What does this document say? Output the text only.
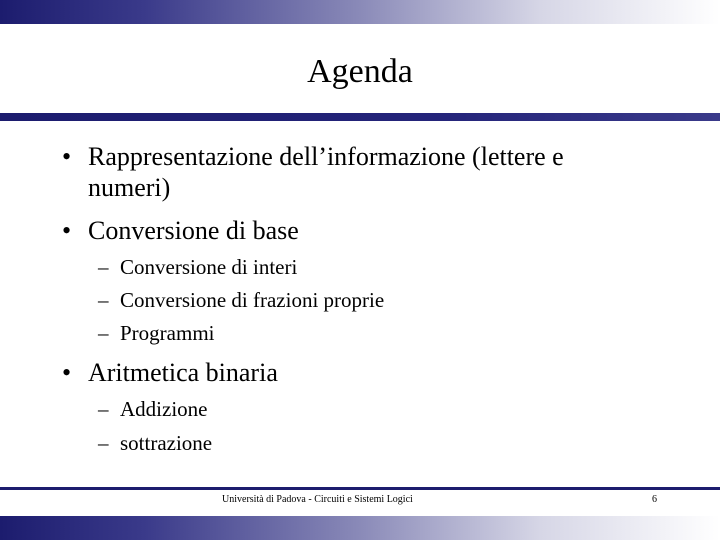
Agenda
• Rappresentazione dell’informazione (lettere e numeri)
• Conversione di base
– Conversione di interi
– Conversione di frazioni proprie
– Programmi
• Aritmetica binaria
– Addizione
– sottrazione
Università di Padova - Circuiti e Sistemi Logici	6
